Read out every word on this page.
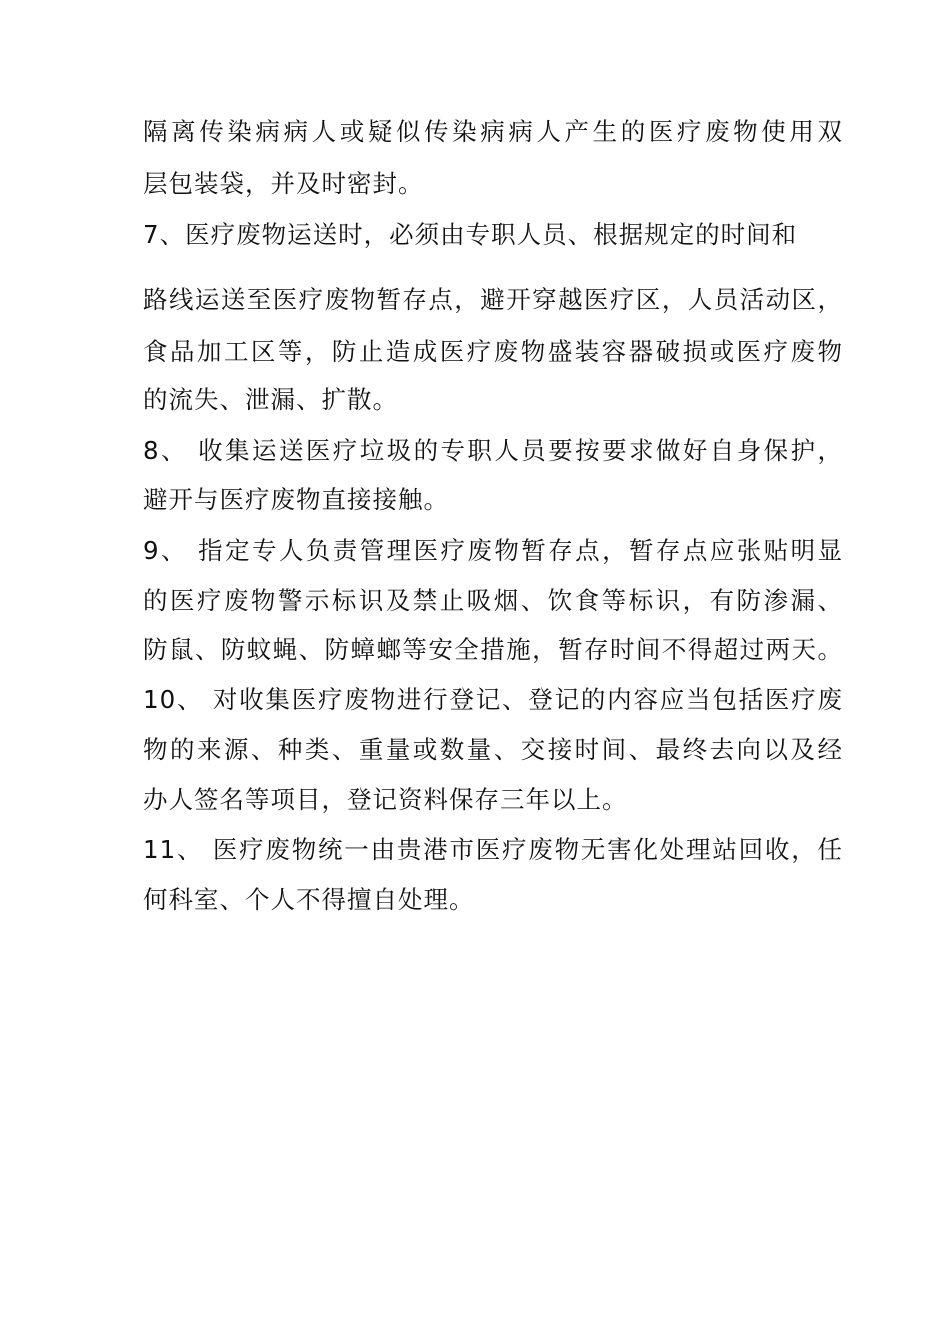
隔离传染病病人或疑似传染病病人产生的医疗废物使用双
层包装袋，并及时密封。
7、医疗废物运送时，必须由专职人员、根据规定的时间和
路线运送至医疗废物暂存点，避开穿越医疗区，人员活动区，
食品加工区等，防止造成医疗废物盛装容器破损或医疗废物
的流失、泄漏、扩散。
8、 收集运送医疗垃圾的专职人员要按要求做好自身保护，
避开与医疗废物直接接触。
9、 指定专人负责管理医疗废物暂存点，暂存点应张贴明显
的医疗废物警示标识及禁止吸烟、饮食等标识，有防渗漏、
防鼠、防蚊蝇、防蟑螂等安全措施，暂存时间不得超过两天。
10、 对收集医疗废物进行登记、登记的内容应当包括医疗废
物的来源、种类、重量或数量、交接时间、最终去向以及经
办人签名等项目，登记资料保存三年以上。
11、 医疗废物统一由贵港市医疗废物无害化处理站回收，任
何科室、个人不得擅自处理。
